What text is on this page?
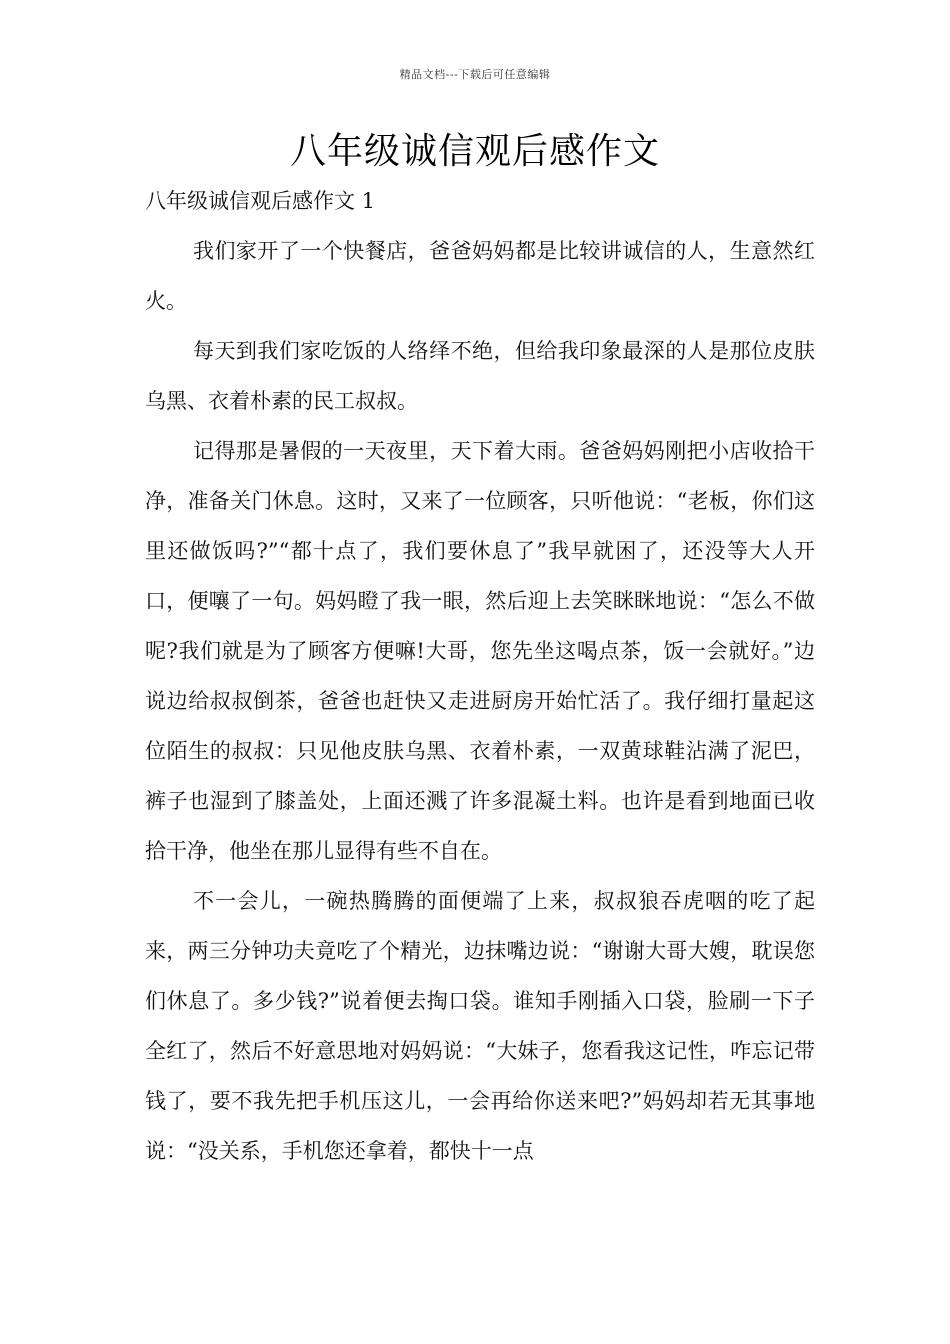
精品文档---下载后可任意编辑
八年级诚信观后感作文

八年级诚信观后感作文 1

我们家开了一个快餐店，爸爸妈妈都是比较讲诚信的人，生意然红火。

每天到我们家吃饭的人络绎不绝，但给我印象最深的人是那位皮肤乌黑、衣着朴素的民工叔叔。

记得那是暑假的一天夜里，天下着大雨。爸爸妈妈刚把小店收拾干净，准备关门休息。这时，又来了一位顾客，只听他说：“老板，你们这里还做饭吗?”“都十点了，我们要休息了”我早就困了，还没等大人开口，便嚷了一句。妈妈瞪了我一眼，然后迎上去笑眯眯地说：“怎么不做呢?我们就是为了顾客方便嘛!大哥，您先坐这喝点茶，饭一会就好。”边说边给叔叔倒茶，爸爸也赶快又走进厨房开始忙活了。我仔细打量起这位陌生的叔叔：只见他皮肤乌黑、衣着朴素，一双黄球鞋沾满了泥巴，裤子也湿到了膝盖处，上面还溅了许多混凝土料。也许是看到地面已收拾干净，他坐在那儿显得有些不自在。

不一会儿，一碗热腾腾的面便端了上来，叔叔狼吞虎咽的吃了起来，两三分钟功夫竟吃了个精光，边抹嘴边说：“谢谢大哥大嫂，耽误您们休息了。多少钱?”说着便去掏口袋。谁知手刚插入口袋，脸刷一下子全红了，然后不好意思地对妈妈说：“大妹子，您看我这记性，咋忘记带钱了，要不我先把手机压这儿，一会再给你送来吧?”妈妈却若无其事地说：“没关系，手机您还拿着，都快十一点
